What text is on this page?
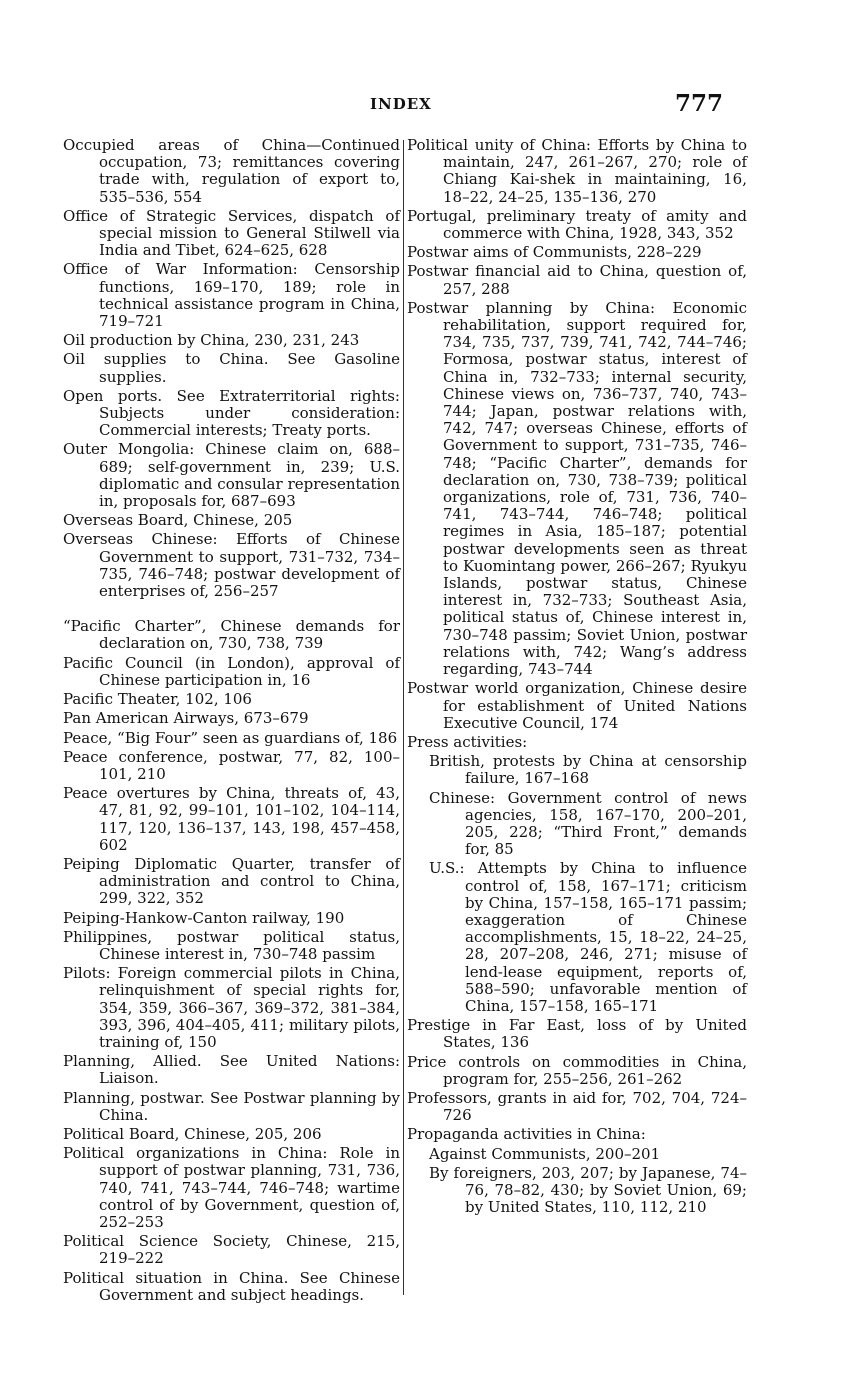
INDEX	777

Occupied areas of China—Continued occupation, 73; remittances covering trade with, regulation of export to, 535–536, 554

Office of Strategic Services, dispatch of special mission to General Stilwell via India and Tibet, 624–625, 628

Office of War Information: Censorship functions, 169–170, 189; role in technical assistance program in China, 719–721

Oil production by China, 230, 231, 243

Oil supplies to China. See Gasoline supplies.

Open ports. See Extraterritorial rights: Subjects under consideration: Commercial interests; Treaty ports.

Outer Mongolia: Chinese claim on, 688–689; self-government in, 239; U.S. diplomatic and consular representation in, proposals for, 687–693

Overseas Board, Chinese, 205

Overseas Chinese: Efforts of Chinese Government to support, 731–732, 734–735, 746–748; postwar development of enterprises of, 256–257

“Pacific Charter”, Chinese demands for declaration on, 730, 738, 739

Pacific Council (in London), approval of Chinese participation in, 16

Pacific Theater, 102, 106

Pan American Airways, 673–679

Peace, “Big Four” seen as guardians of, 186

Peace conference, postwar, 77, 82, 100–101, 210

Peace overtures by China, threats of, 43, 47, 81, 92, 99–101, 101–102, 104–114, 117, 120, 136–137, 143, 198, 457–458, 602

Peiping Diplomatic Quarter, transfer of administration and control to China, 299, 322, 352

Peiping-Hankow-Canton railway, 190

Philippines, postwar political status, Chinese interest in, 730–748 passim

Pilots: Foreign commercial pilots in China, relinquishment of special rights for, 354, 359, 366–367, 369–372, 381–384, 393, 396, 404–405, 411; military pilots, training of, 150

Planning, Allied. See United Nations: Liaison.

Planning, postwar. See Postwar planning by China.

Political Board, Chinese, 205, 206

Political organizations in China: Role in support of postwar planning, 731, 736, 740, 741, 743–744, 746–748; wartime control of by Government, question of, 252–253

Political Science Society, Chinese, 215, 219–222

Political situation in China. See Chinese Government and subject headings.

Political unity of China: Efforts by China to maintain, 247, 261–267, 270; role of Chiang Kai-shek in maintaining, 16, 18–22, 24–25, 135–136, 270

Portugal, preliminary treaty of amity and commerce with China, 1928, 343, 352

Postwar aims of Communists, 228–229

Postwar financial aid to China, question of, 257, 288

Postwar planning by China: Economic rehabilitation, support required for, 734, 735, 737, 739, 741, 742, 744–746; Formosa, postwar status, interest of China in, 732–733; internal security, Chinese views on, 736–737, 740, 743–744; Japan, postwar relations with, 742, 747; overseas Chinese, efforts of Government to support, 731–735, 746–748; “Pacific Charter”, demands for declaration on, 730, 738–739; political organizations, role of, 731, 736, 740–741, 743–744, 746–748; political regimes in Asia, 185–187; potential postwar developments seen as threat to Kuomintang power, 266–267; Ryukyu Islands, postwar status, Chinese interest in, 732–733; Southeast Asia, political status of, Chinese interest in, 730–748 passim; Soviet Union, postwar relations with, 742; Wang’s address regarding, 743–744

Postwar world organization, Chinese desire for establishment of United Nations Executive Council, 174

Press activities:

British, protests by China at censorship failure, 167–168

Chinese: Government control of news agencies, 158, 167–170, 200–201, 205, 228; “Third Front,” demands for, 85

U.S.: Attempts by China to influence control of, 158, 167–171; criticism by China, 157–158, 165–171 passim; exaggeration of Chinese accomplishments, 15, 18–22, 24–25, 28, 207–208, 246, 271; misuse of lend-lease equipment, reports of, 588–590; unfavorable mention of China, 157–158, 165–171

Prestige in Far East, loss of by United States, 136

Price controls on commodities in China, program for, 255–256, 261–262

Professors, grants in aid for, 702, 704, 724–726

Propaganda activities in China:

Against Communists, 200–201

By foreigners, 203, 207; by Japanese, 74–76, 78–82, 430; by Soviet Union, 69; by United States, 110, 112, 210
